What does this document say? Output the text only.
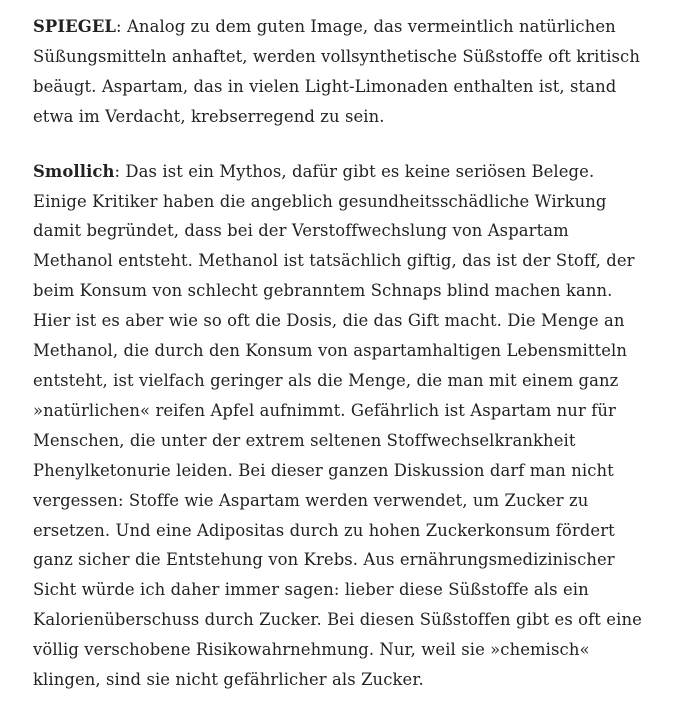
SPIEGEL: Analog zu dem guten Image, das vermeintlich natürlichen
Süßungsmitteln anhaftet, werden vollsynthetische Süßstoffe oft kritisch
beäugt. Aspartam, das in vielen Light-Limonaden enthalten ist, stand
etwa im Verdacht, krebserregend zu sein.

Smollich: Das ist ein Mythos, dafür gibt es keine seriösen Belege.
Einige Kritiker haben die angeblich gesundheitsschädliche Wirkung
damit begründet, dass bei der Verstoffwechslung von Aspartam
Methanol entsteht. Methanol ist tatsächlich giftig, das ist der Stoff, der
beim Konsum von schlecht gebranntem Schnaps blind machen kann.
Hier ist es aber wie so oft die Dosis, die das Gift macht. Die Menge an
Methanol, die durch den Konsum von aspartamhaltigen Lebensmitteln
entsteht, ist vielfach geringer als die Menge, die man mit einem ganz
»natürlichen« reifen Apfel aufnimmt. Gefährlich ist Aspartam nur für
Menschen, die unter der extrem seltenen Stoffwechselkrankheit
Phenylketonurie leiden. Bei dieser ganzen Diskussion darf man nicht
vergessen: Stoffe wie Aspartam werden verwendet, um Zucker zu
ersetzen. Und eine Adipositas durch zu hohen Zuckerkonsum fördert
ganz sicher die Entstehung von Krebs. Aus ernährungsmedizinischer
Sicht würde ich daher immer sagen: lieber diese Süßstoffe als ein
Kalorienüberschuss durch Zucker. Bei diesen Süßstoffen gibt es oft eine
völlig verschobene Risikowahrnehmung. Nur, weil sie »chemisch«
klingen, sind sie nicht gefährlicher als Zucker.
